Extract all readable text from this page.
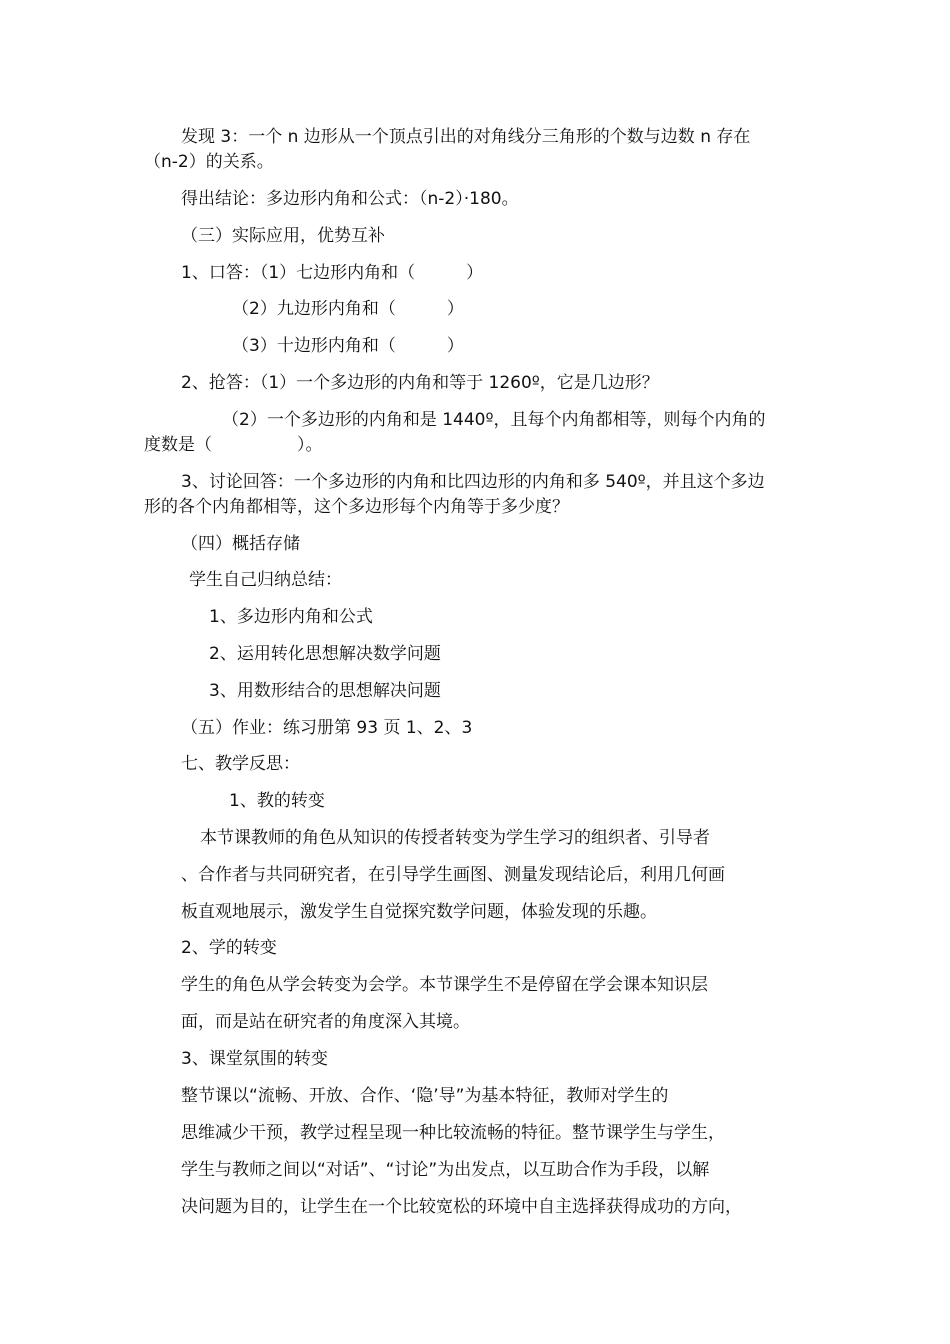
发现 3：一个 n 边形从一个顶点引出的对角线分三角形的个数与边数 n 存在
（n-2）的关系。
得出结论：多边形内角和公式：（n-2）·180。
（三）实际应用，优势互补
1、口答：（1）七边形内角和（　　　）
（2）九边形内角和（　　　）
（3）十边形内角和（　　　）
2、抢答：（1）一个多边形的内角和等于 1260º，它是几边形？
（2）一个多边形的内角和是 1440º，且每个内角都相等，则每个内角的
度数是（　　　　　）。
3、讨论回答：一个多边形的内角和比四边形的内角和多 540º，并且这个多边
形的各个内角都相等，这个多边形每个内角等于多少度？
（四）概括存储
学生自己归纳总结：
1、多边形内角和公式
2、运用转化思想解决数学问题
3、用数形结合的思想解决问题
（五）作业：练习册第 93 页 1、2、3
七、教学反思：
1、教的转变
本节课教师的角色从知识的传授者转变为学生学习的组织者、引导者
、合作者与共同研究者，在引导学生画图、测量发现结论后，利用几何画
板直观地展示，激发学生自觉探究数学问题，体验发现的乐趣。
2、学的转变
学生的角色从学会转变为会学。本节课学生不是停留在学会课本知识层
面，而是站在研究者的角度深入其境。
3、课堂氛围的转变
整节课以“流畅、开放、合作、‘隐’导”为基本特征，教师对学生的
思维减少干预，教学过程呈现一种比较流畅的特征。整节课学生与学生，
学生与教师之间以“对话”、“讨论”为出发点，以互助合作为手段，以解
决问题为目的，让学生在一个比较宽松的环境中自主选择获得成功的方向，
